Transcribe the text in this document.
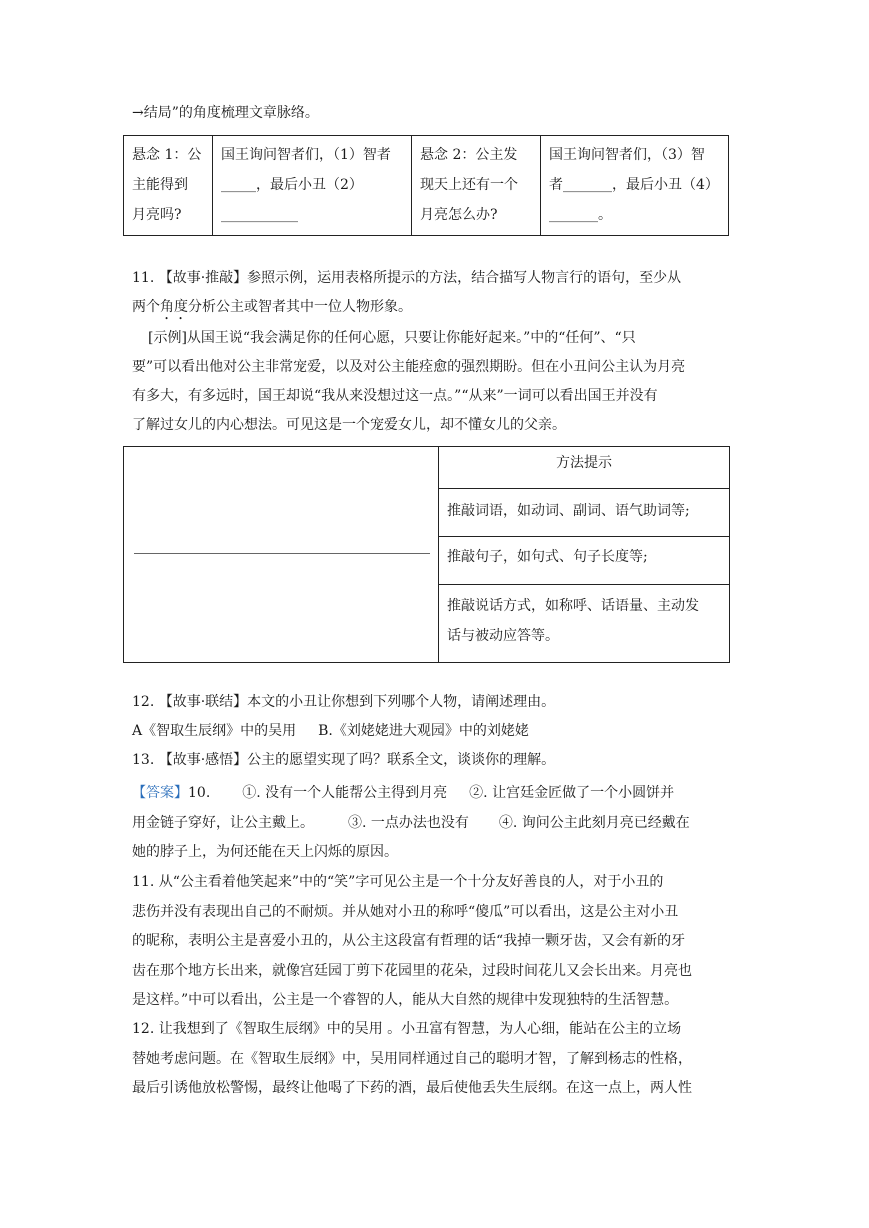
→结局”的角度梳理文章脉络。
悬念 1：公
主能得到
月亮吗?
国王询问智者们，（1）智者
_____，最后小丑（2）
___________
悬念 2：公主发
现天上还有一个
月亮怎么办?
国王询问智者们，（3）智
者_______，最后小丑（4）
_______。
11. 【故事·推敲】参照示例，运用表格所提示的方法，结合描写人物言行的语句，至少从
两个角度分析公主或智者其中一位人物形象。
[示例]从国王说“我会满足你的任何心愿，只要让你能好起来。”中的“任何”、“只
要”可以看出他对公主非常宠爱，以及对公主能痊愈的强烈期盼。但在小丑问公主认为月亮
有多大，有多远时，国王却说“我从来没想过这一点。”“从来”一词可以看出国王并没有
了解过女儿的内心想法。可见这是一个宠爱女儿，却不懂女儿的父亲。
方法提示
推敲词语，如动词、副词、语气助词等;
推敲句子，如句式、句子长度等;
推敲说话方式，如称呼、话语量、主动发
话与被动应答等。
12. 【故事·联结】本文的小丑让你想到下列哪个人物，请阐述理由。
A《智取生辰纲》中的吴用 B.《刘姥姥进大观园》中的刘姥姥
13. 【故事·感悟】公主的愿望实现了吗？联系全文，谈谈你的理解。
【答案】10. ①. 没有一个人能帮公主得到月亮 ②. 让宫廷金匠做了一个小圆饼并
用金链子穿好，让公主戴上。 ③. 一点办法也没有 ④. 询问公主此刻月亮已经戴在
她的脖子上，为何还能在天上闪烁的原因。
11. 从“公主看着他笑起来”中的“笑”字可见公主是一个十分友好善良的人，对于小丑的
悲伤并没有表现出自己的不耐烦。并从她对小丑的称呼“傻瓜”可以看出，这是公主对小丑
的昵称，表明公主是喜爱小丑的，从公主这段富有哲理的话“我掉一颗牙齿，又会有新的牙
齿在那个地方长出来，就像宫廷园丁剪下花园里的花朵，过段时间花儿又会长出来。月亮也
是这样。”中可以看出，公主是一个睿智的人，能从大自然的规律中发现独特的生活智慧。
12. 让我想到了《智取生辰纲》中的吴用 。小丑富有智慧，为人心细，能站在公主的立场
替她考虑问题。在《智取生辰纲》中，吴用同样通过自己的聪明才智，了解到杨志的性格，
最后引诱他放松警惕，最终让他喝了下药的酒，最后使他丢失生辰纲。在这一点上，两人性
